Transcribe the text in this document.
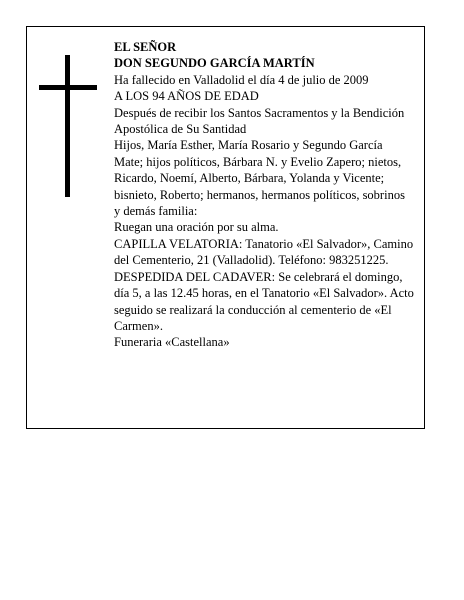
EL SEÑOR

DON SEGUNDO GARCÍA MARTÍN

Ha fallecido en Valladolid el día 4 de julio de 2009

A LOS 94 AÑOS DE EDAD

Después de recibir los Santos Sacramentos y la Bendición Apostólica de Su Santidad

Hijos, María Esther, María Rosario y Segundo García Mate; hijos políticos, Bárbara N. y Evelio Zapero; nietos, Ricardo, Noemí, Alberto, Bárbara, Yolanda y Vicente; bisnieto, Roberto; hermanos, hermanos políticos, sobrinos y demás familia:

Ruegan una oración por su alma.

CAPILLA VELATORIA: Tanatorio «El Salvador», Camino del Cementerio, 21 (Valladolid). Teléfono: 983251225.

DESPEDIDA DEL CADAVER: Se celebrará el domingo, día 5, a las 12.45 horas, en el Tanatorio «El Salvador». Acto seguido se realizará la conducción al cementerio de «El Carmen».

Funeraria «Castellana»
